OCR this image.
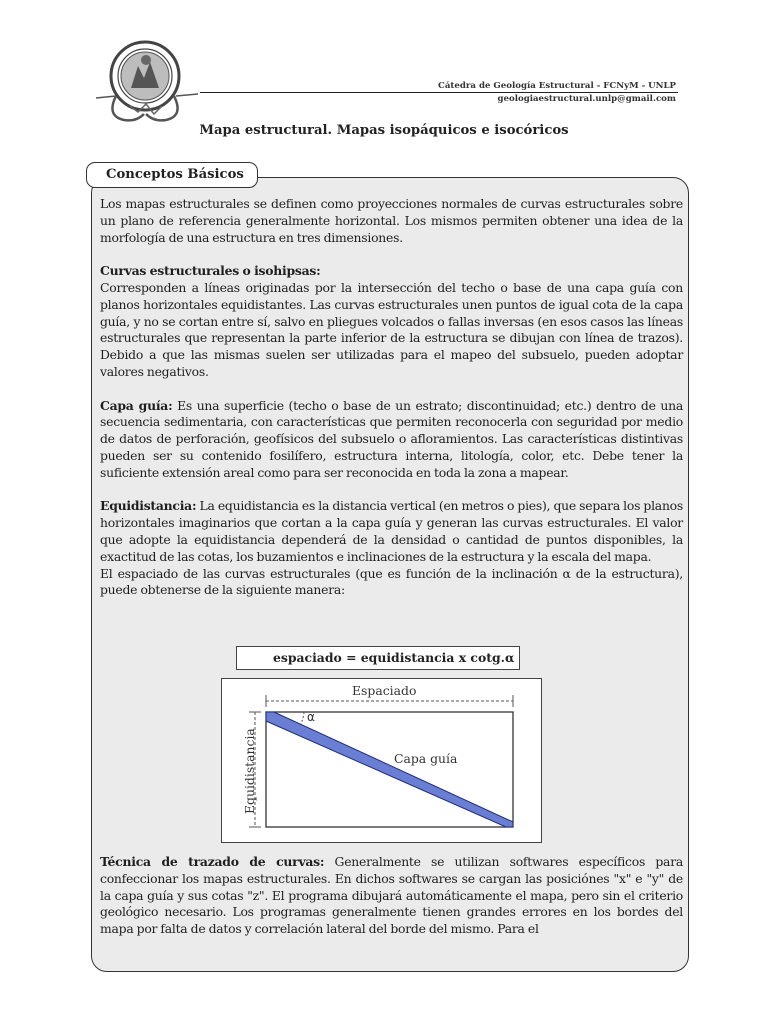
Cátedra de Geología Estructural - FCNyM - UNLP
geologiaestructural.unlp@gmail.com
Mapa estructural. Mapas isopáquicos e isocóricos
Conceptos Básicos

Los mapas estructurales se definen como proyecciones normales de curvas estructurales sobre un plano de referencia generalmente horizontal. Los mismos permiten obtener una idea de la morfología de una estructura en tres dimensiones.

Curvas estructurales o isohipsas:
Corresponden a líneas originadas por la intersección del techo o base de una capa guía con planos horizontales equidistantes. Las curvas estructurales unen puntos de igual cota de la capa guía, y no se cortan entre sí, salvo en pliegues volcados o fallas inversas (en esos casos las líneas estructurales que representan la parte inferior de la estructura se dibujan con línea de trazos). Debido a que las mismas suelen ser utilizadas para el mapeo del subsuelo, pueden adoptar valores negativos.

Capa guía: Es una superficie (techo o base de un estrato; discontinuidad; etc.) dentro de una secuencia sedimentaria, con características que permiten reconocerla con seguridad por medio de datos de perforación, geofísicos del subsuelo o afloramientos. Las características distintivas pueden ser su contenido fosilífero, estructura interna, litología, color, etc. Debe tener la suficiente extensión areal como para ser reconocida en toda la zona a mapear.

Equidistancia: La equidistancia es la distancia vertical (en metros o pies), que separa los planos horizontales imaginarios que cortan a la capa guía y generan las curvas estructurales. El valor que adopte la equidistancia dependerá de la densidad o cantidad de puntos disponibles, la exactitud de las cotas, los buzamientos e inclinaciones de la estructura y la escala del mapa.

El espaciado de las curvas estructurales (que es función de la inclinación α de la estructura), puede obtenerse de la siguiente manera:

espaciado = equidistancia x cotg.α
Espaciado
α
Capa guía
Equidistancia
Técnica de trazado de curvas: Generalmente se utilizan softwares específicos para confeccionar los mapas estructurales. En dichos softwares se cargan las posiciónes "x" e "y" de la capa guía y sus cotas "z". El programa dibujará automáticamente el mapa, pero sin el criterio geológico necesario. Los programas generalmente tienen grandes errores en los bordes del mapa por falta de datos y correlación lateral del borde del mismo. Para el
